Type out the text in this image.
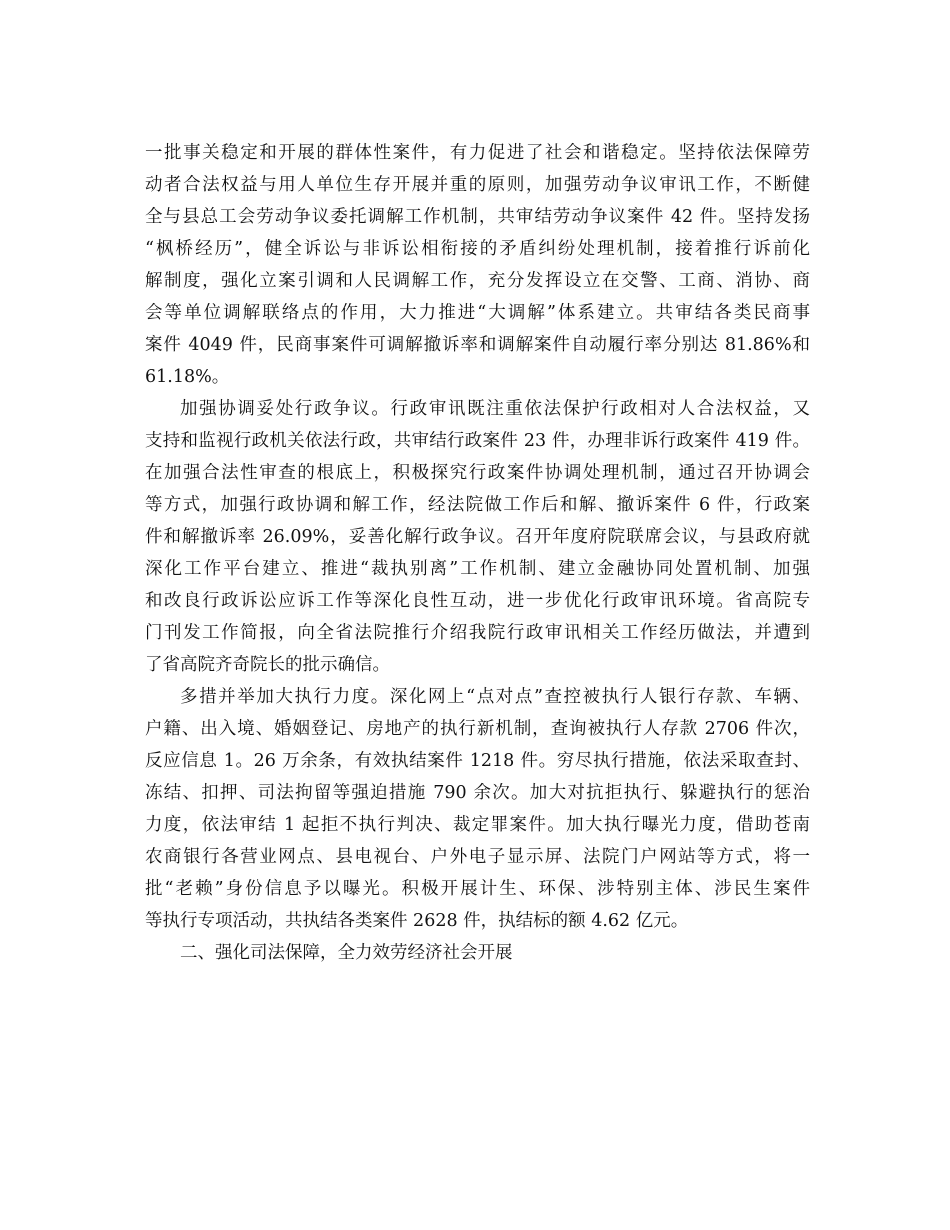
一批事关稳定和开展的群体性案件，有力促进了社会和谐稳定。坚持依法保障劳
动者合法权益与用人单位生存开展并重的原则，加强劳动争议审讯工作，不断健
全与县总工会劳动争议委托调解工作机制，共审结劳动争议案件 42 件。坚持发扬
“枫桥经历”，健全诉讼与非诉讼相衔接的矛盾纠纷处理机制，接着推行诉前化
解制度，强化立案引调和人民调解工作，充分发挥设立在交警、工商、消协、商
会等单位调解联络点的作用，大力推进“大调解”体系建立。共审结各类民商事
案件 4049 件，民商事案件可调解撤诉率和调解案件自动履行率分别达 81.86%和
61.18%。
加强协调妥处行政争议。行政审讯既注重依法保护行政相对人合法权益，又
支持和监视行政机关依法行政，共审结行政案件 23 件，办理非诉行政案件 419 件。
在加强合法性审查的根底上，积极探究行政案件协调处理机制，通过召开协调会
等方式，加强行政协调和解工作，经法院做工作后和解、撤诉案件 6 件，行政案
件和解撤诉率 26.09%，妥善化解行政争议。召开年度府院联席会议，与县政府就
深化工作平台建立、推进“裁执别离”工作机制、建立金融协同处置机制、加强
和改良行政诉讼应诉工作等深化良性互动，进一步优化行政审讯环境。省高院专
门刊发工作简报，向全省法院推行介绍我院行政审讯相关工作经历做法，并遭到
了省高院齐奇院长的批示确信。
多措并举加大执行力度。深化网上“点对点”查控被执行人银行存款、车辆、
户籍、出入境、婚姻登记、房地产的执行新机制，查询被执行人存款 2706 件次，
反应信息 1。26 万余条，有效执结案件 1218 件。穷尽执行措施，依法采取查封、
冻结、扣押、司法拘留等强迫措施 790 余次。加大对抗拒执行、躲避执行的惩治
力度，依法审结 1 起拒不执行判决、裁定罪案件。加大执行曝光力度，借助苍南
农商银行各营业网点、县电视台、户外电子显示屏、法院门户网站等方式，将一
批“老赖”身份信息予以曝光。积极开展计生、环保、涉特别主体、涉民生案件
等执行专项活动，共执结各类案件 2628 件，执结标的额 4.62 亿元。
二、强化司法保障，全力效劳经济社会开展
